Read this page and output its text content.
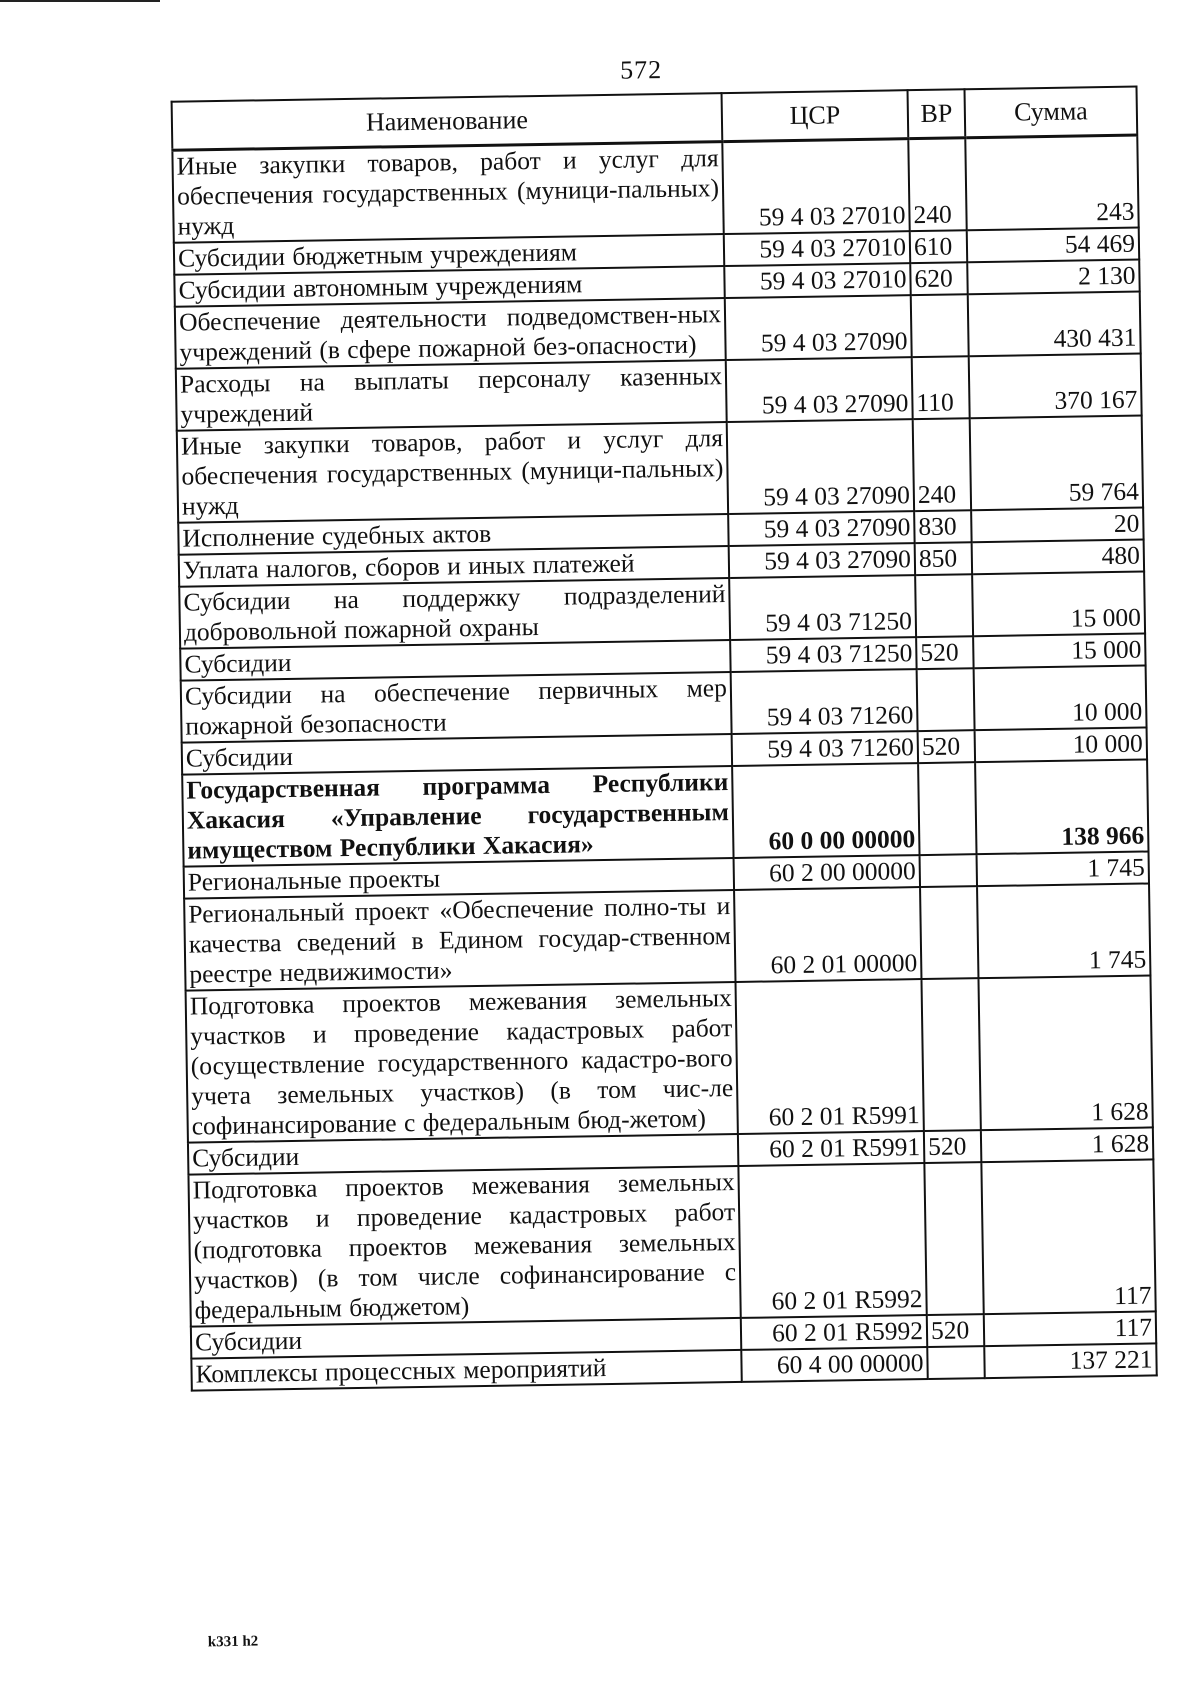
572
Наименование	ЦСР	ВР	Сумма
Иные закупки товаров, работ и услуг для обеспечения государственных (муници-пальных) нужд	59 4 03 27010	240	243
Субсидии бюджетным учреждениям	59 4 03 27010	610	54 469
Субсидии автономным учреждениям	59 4 03 27010	620	2 130
Обеспечение деятельности подведомствен-ных учреждений (в сфере пожарной без-опасности)	59 4 03 27090		430 431
Расходы на выплаты персоналу казенных учреждений	59 4 03 27090	110	370 167
Иные закупки товаров, работ и услуг для обеспечения государственных (муници-пальных) нужд	59 4 03 27090	240	59 764
Исполнение судебных актов	59 4 03 27090	830	20
Уплата налогов, сборов и иных платежей	59 4 03 27090	850	480
Субсидии на поддержку подразделений добровольной пожарной охраны	59 4 03 71250		15 000
Субсидии	59 4 03 71250	520	15 000
Субсидии на обеспечение первичных мер пожарной безопасности	59 4 03 71260		10 000
Субсидии	59 4 03 71260	520	10 000
Государственная программа Республики Хакасия «Управление государственным имуществом Республики Хакасия»	60 0 00 00000		138 966
Региональные проекты	60 2 00 00000		1 745
Региональный проект «Обеспечение полно-ты и качества сведений в Едином государ-ственном реестре недвижимости»	60 2 01 00000		1 745
Подготовка проектов межевания земельных участков и проведение кадастровых работ (осуществление государственного кадастро-вого учета земельных участков) (в том чис-ле софинансирование с федеральным бюд-жетом)	60 2 01 R5991		1 628
Субсидии	60 2 01 R5991	520	1 628
Подготовка проектов межевания земельных участков и проведение кадастровых работ (подготовка проектов межевания земельных участков) (в том числе софинансирование с федеральным бюджетом)	60 2 01 R5992		117
Субсидии	60 2 01 R5992	520	117
Комплексы процессных мероприятий	60 4 00 00000		137 221
k331 h2
